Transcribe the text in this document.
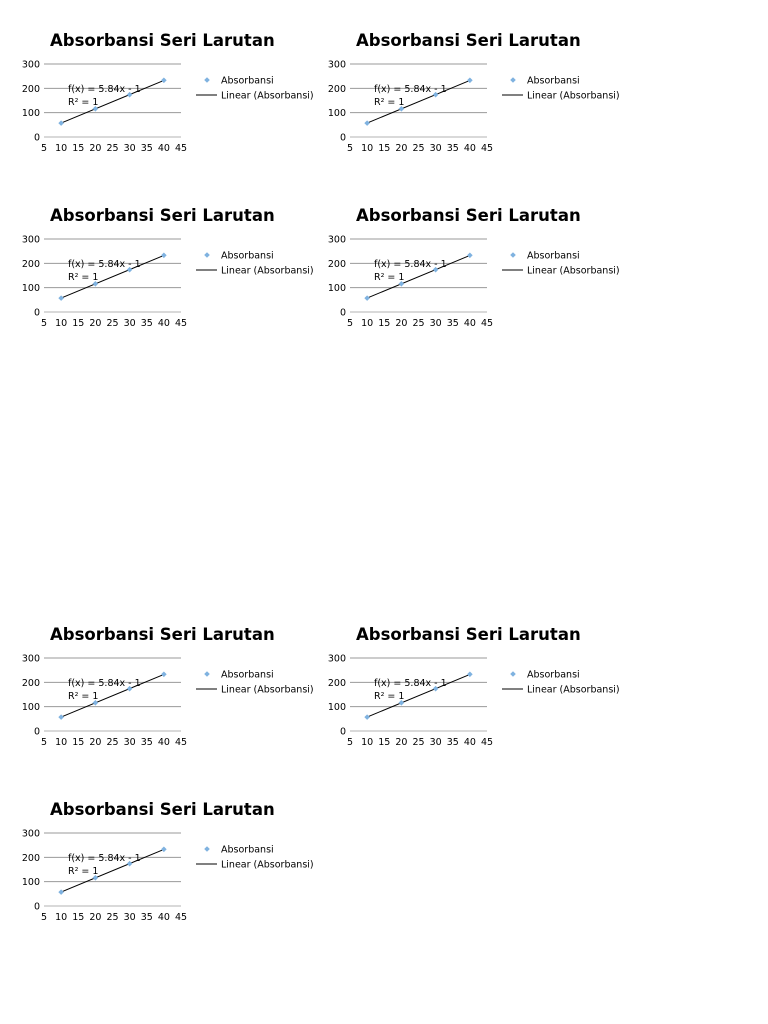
Absorbansi Seri Larutan
0
100
200
300
5 10 15 20 25 30 35 40 45
f(x) = 5.84x - 1
R² = 1
Absorbansi
Linear (Absorbansi)
Absorbansi Seri Larutan
0
100
200
300
5 10 15 20 25 30 35 40 45
f(x) = 5.84x - 1
R² = 1
Absorbansi
Linear (Absorbansi)
Absorbansi Seri Larutan
0
100
200
300
5 10 15 20 25 30 35 40 45
f(x) = 5.84x - 1
R² = 1
Absorbansi
Linear (Absorbansi)
Absorbansi Seri Larutan
0
100
200
300
5 10 15 20 25 30 35 40 45
f(x) = 5.84x - 1
R² = 1
Absorbansi
Linear (Absorbansi)
Absorbansi Seri Larutan
0
100
200
300
5 10 15 20 25 30 35 40 45
f(x) = 5.84x - 1
R² = 1
Absorbansi
Linear (Absorbansi)
Absorbansi Seri Larutan
0
100
200
300
5 10 15 20 25 30 35 40 45
f(x) = 5.84x - 1
R² = 1
Absorbansi
Linear (Absorbansi)
Absorbansi Seri Larutan
0
100
200
300
5 10 15 20 25 30 35 40 45
f(x) = 5.84x - 1
R² = 1
Absorbansi
Linear (Absorbansi)
